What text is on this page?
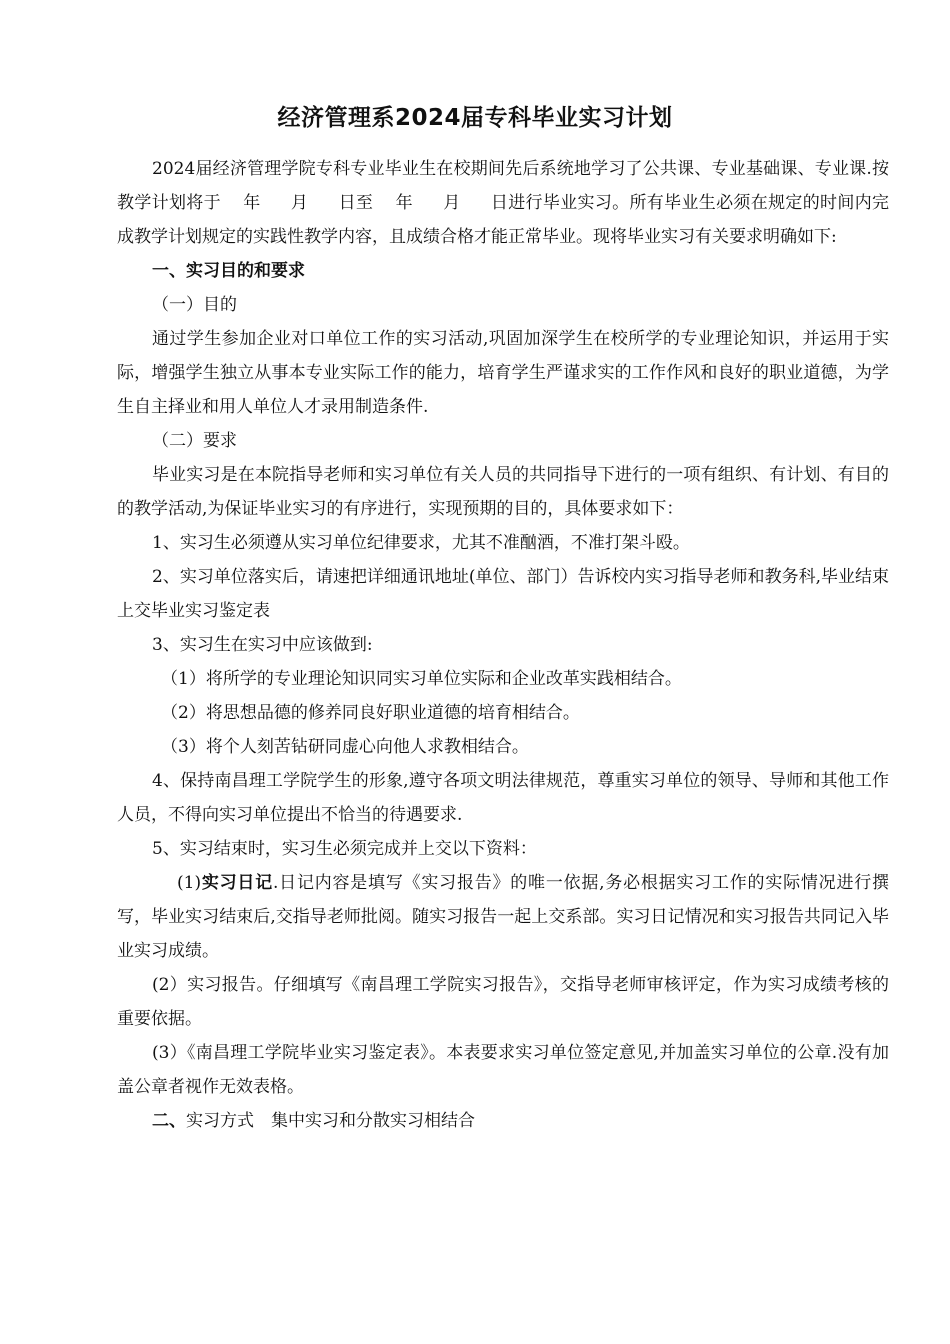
经济管理系2024届专科毕业实习计划

2024届经济管理学院专科专业毕业生在校期间先后系统地学习了公共课、专业基础课、专业课.按教学计划将于 年 月 日至 年 月 日进行毕业实习。所有毕业生必须在规定的时间内完成教学计划规定的实践性教学内容，且成绩合格才能正常毕业。现将毕业实习有关要求明确如下:

一、实习目的和要求

（一）目的

通过学生参加企业对口单位工作的实习活动,巩固加深学生在校所学的专业理论知识，并运用于实际，增强学生独立从事本专业实际工作的能力，培育学生严谨求实的工作作风和良好的职业道德，为学生自主择业和用人单位人才录用制造条件.

（二）要求

毕业实习是在本院指导老师和实习单位有关人员的共同指导下进行的一项有组织、有计划、有目的的教学活动,为保证毕业实习的有序进行，实现预期的目的，具体要求如下：

1、实习生必须遵从实习单位纪律要求，尤其不准酗酒，不准打架斗殴。

2、实习单位落实后，请速把详细通讯地址(单位、部门）告诉校内实习指导老师和教务科,毕业结束上交毕业实习鉴定表

3、实习生在实习中应该做到:

（1）将所学的专业理论知识同实习单位实际和企业改革实践相结合。

（2）将思想品德的修养同良好职业道德的培育相结合。

（3）将个人刻苦钻研同虚心向他人求教相结合。

4、保持南昌理工学院学生的形象,遵守各项文明法律规范，尊重实习单位的领导、导师和其他工作人员，不得向实习单位提出不恰当的待遇要求.

5、实习结束时，实习生必须完成并上交以下资料：

(1)实习日记.日记内容是填写《实习报告》的唯一依据,务必根据实习工作的实际情况进行撰写，毕业实习结束后,交指导老师批阅。随实习报告一起上交系部。实习日记情况和实习报告共同记入毕业实习成绩。

(2）实习报告。仔细填写《南昌理工学院实习报告》，交指导老师审核评定，作为实习成绩考核的重要依据。

(3）《南昌理工学院毕业实习鉴定表》。本表要求实习单位签定意见,并加盖实习单位的公章.没有加盖公章者视作无效表格。

二、实习方式　集中实习和分散实习相结合
